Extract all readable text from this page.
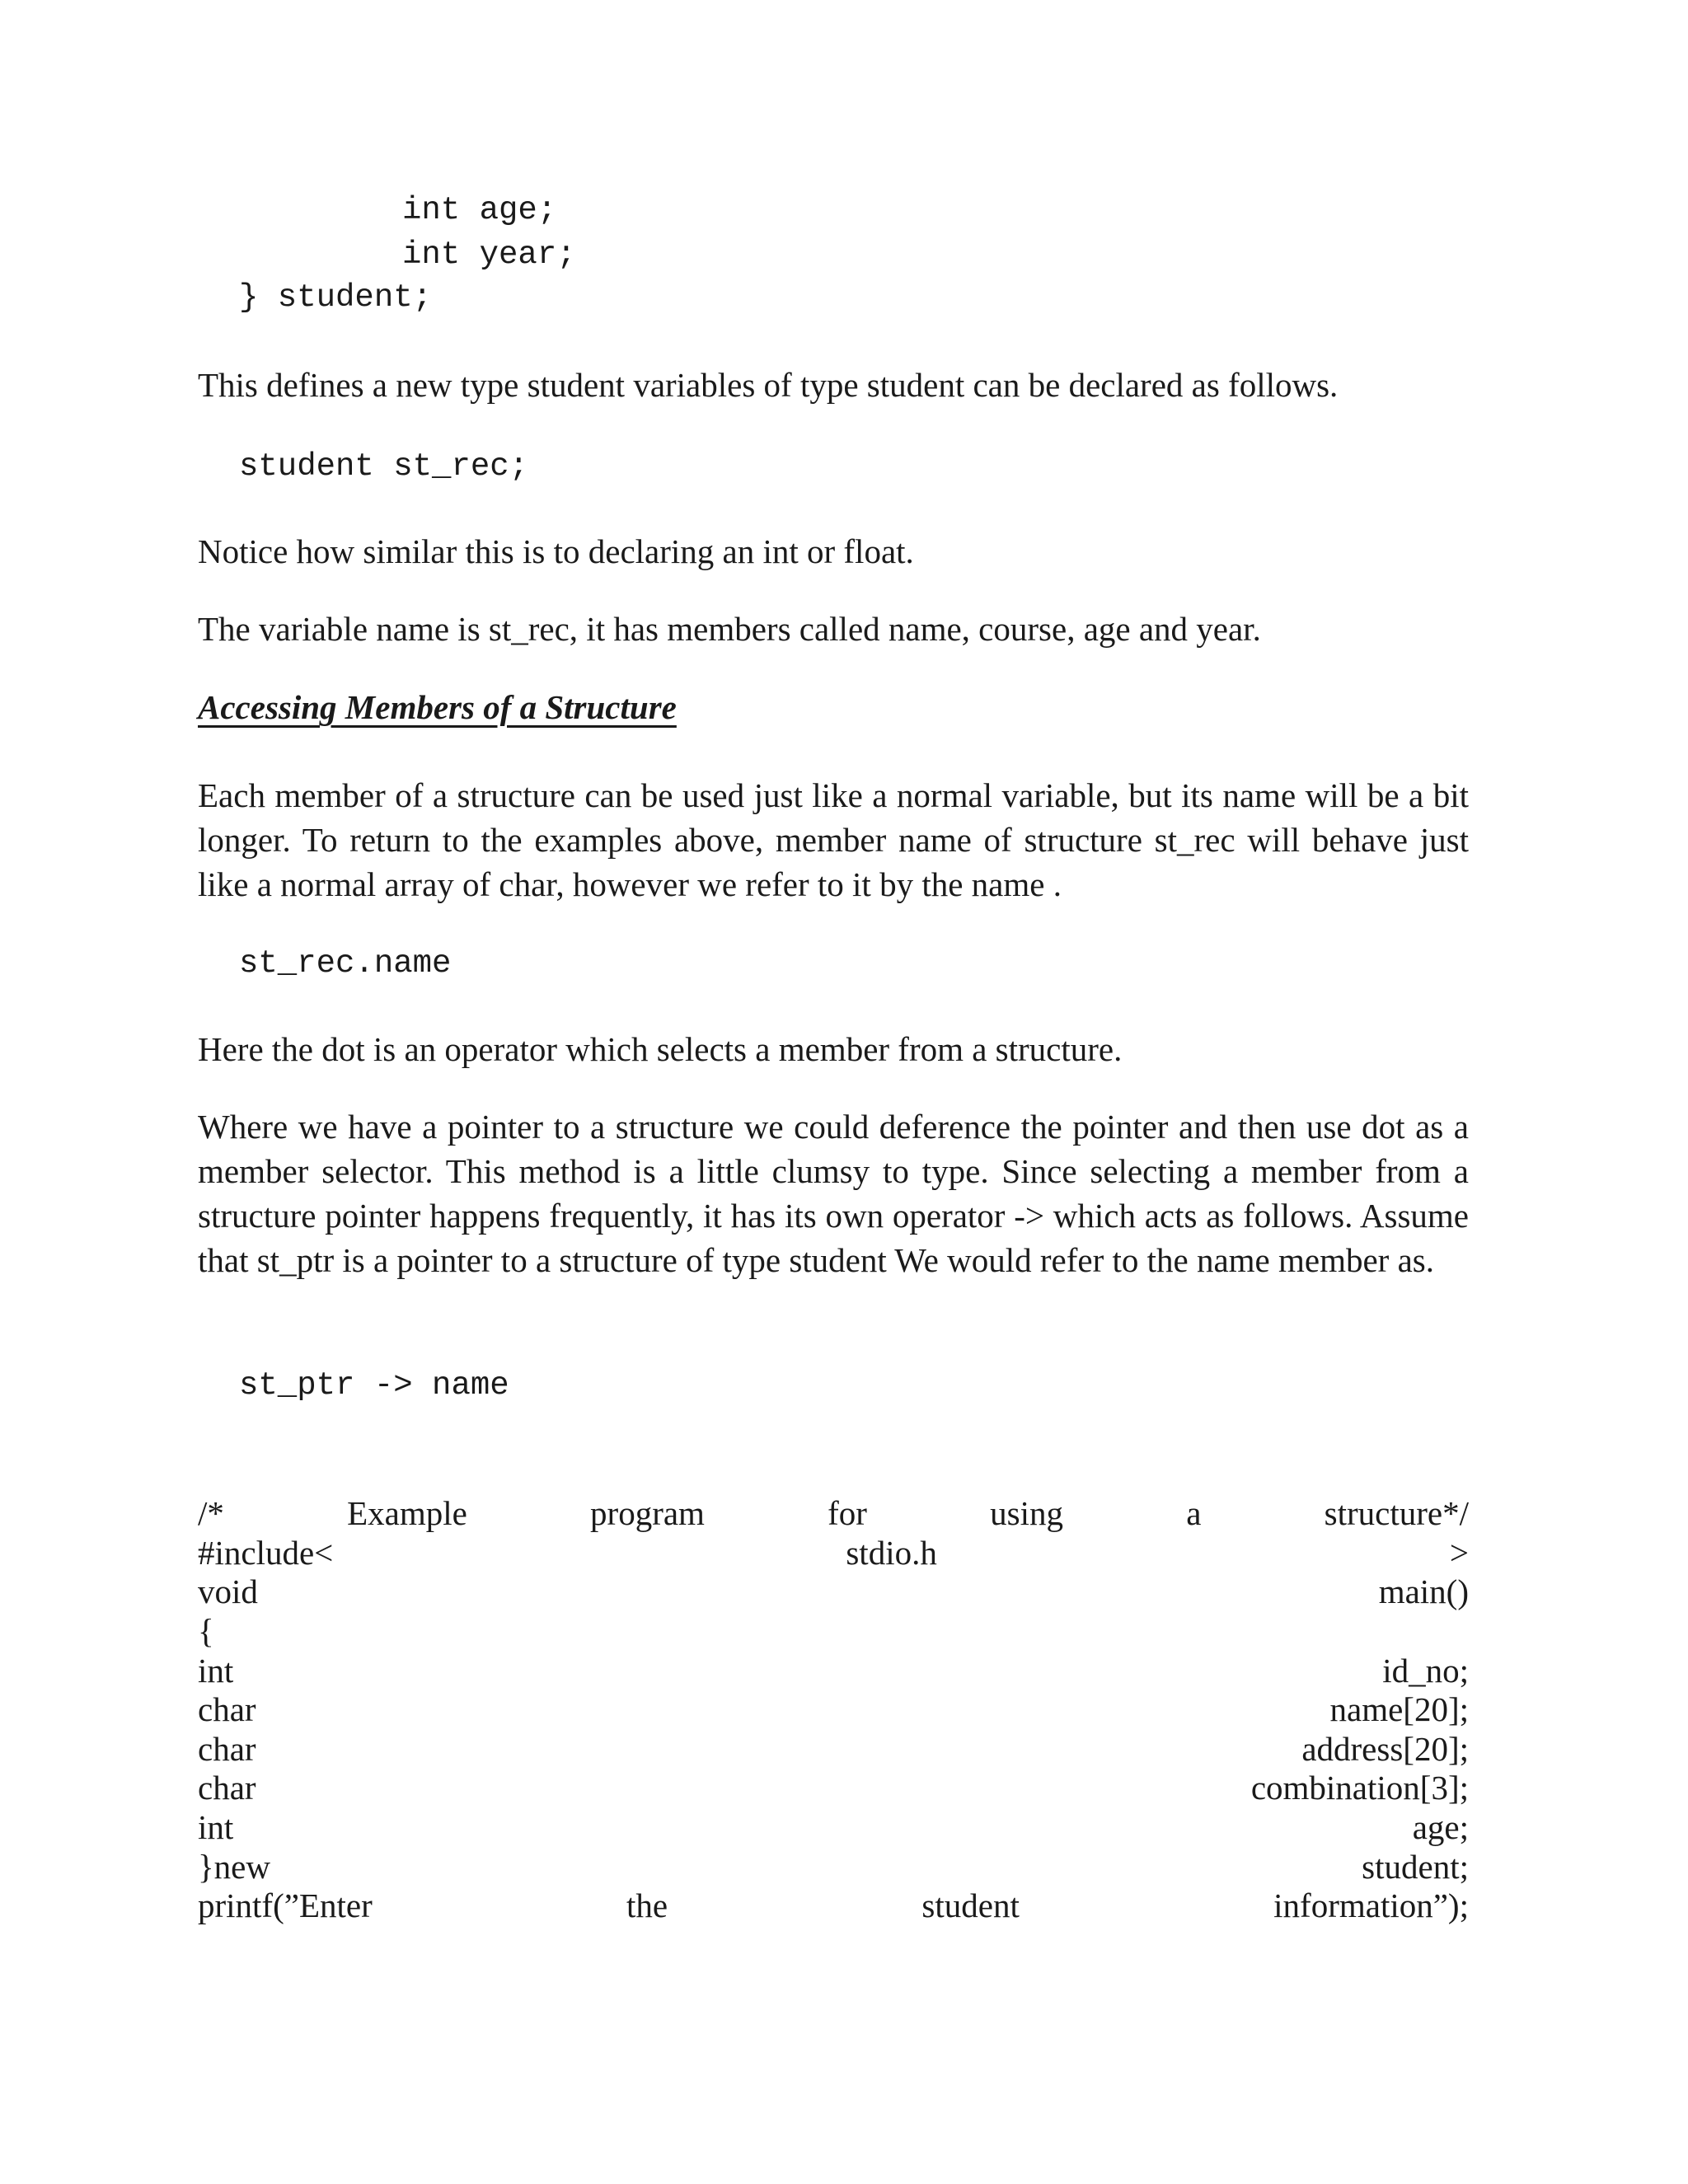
int age;
int year;
} student;
This defines a new type student variables of type student can be declared as follows.
student st_rec;
Notice how similar this is to declaring an int or float.
The variable name is st_rec, it has members called name, course, age and year.
Accessing Members of a Structure
Each member of a structure can be used just like a normal variable, but its name will be a bit longer. To return to the examples above, member name of structure st_rec will behave just like a normal array of char, however we refer to it by the name .
st_rec.name
Here the dot is an operator which selects a member from a structure.
Where we have a pointer to a structure we could deference the pointer and then use dot as a member selector. This method is a little clumsy to type. Since selecting a member from a structure pointer happens frequently, it has its own operator -> which acts as follows. Assume that st_ptr is a pointer to a structure of type student We would refer to the name member as.
st_ptr -> name
/*	Example	program	for	using	a	structure*/
#include<	stdio.h	>
void	main()
{
int	id_no;
char	name[20];
char	address[20];
char	combination[3];
int	age;
}new	student;
printf(”Enter	the	student	information”);
